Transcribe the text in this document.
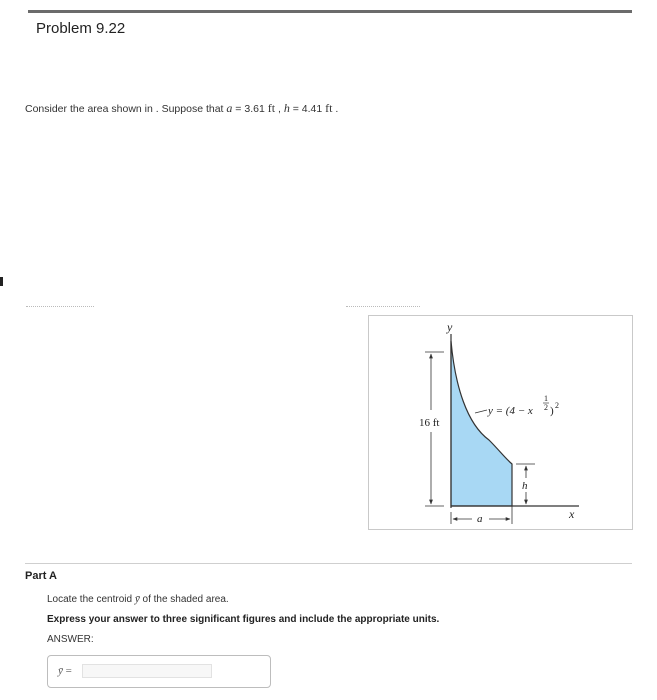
Problem 9.22
Consider the area shown in . Suppose that a = 3.61 ft , h = 4.41 ft .
y
x
16 ft
h
a
y = (4 − x
1
2 ) 2
Part A
Locate the centroid ȳ of the shaded area.
Express your answer to three significant figures and include the appropriate units.
ANSWER:
ȳ =
